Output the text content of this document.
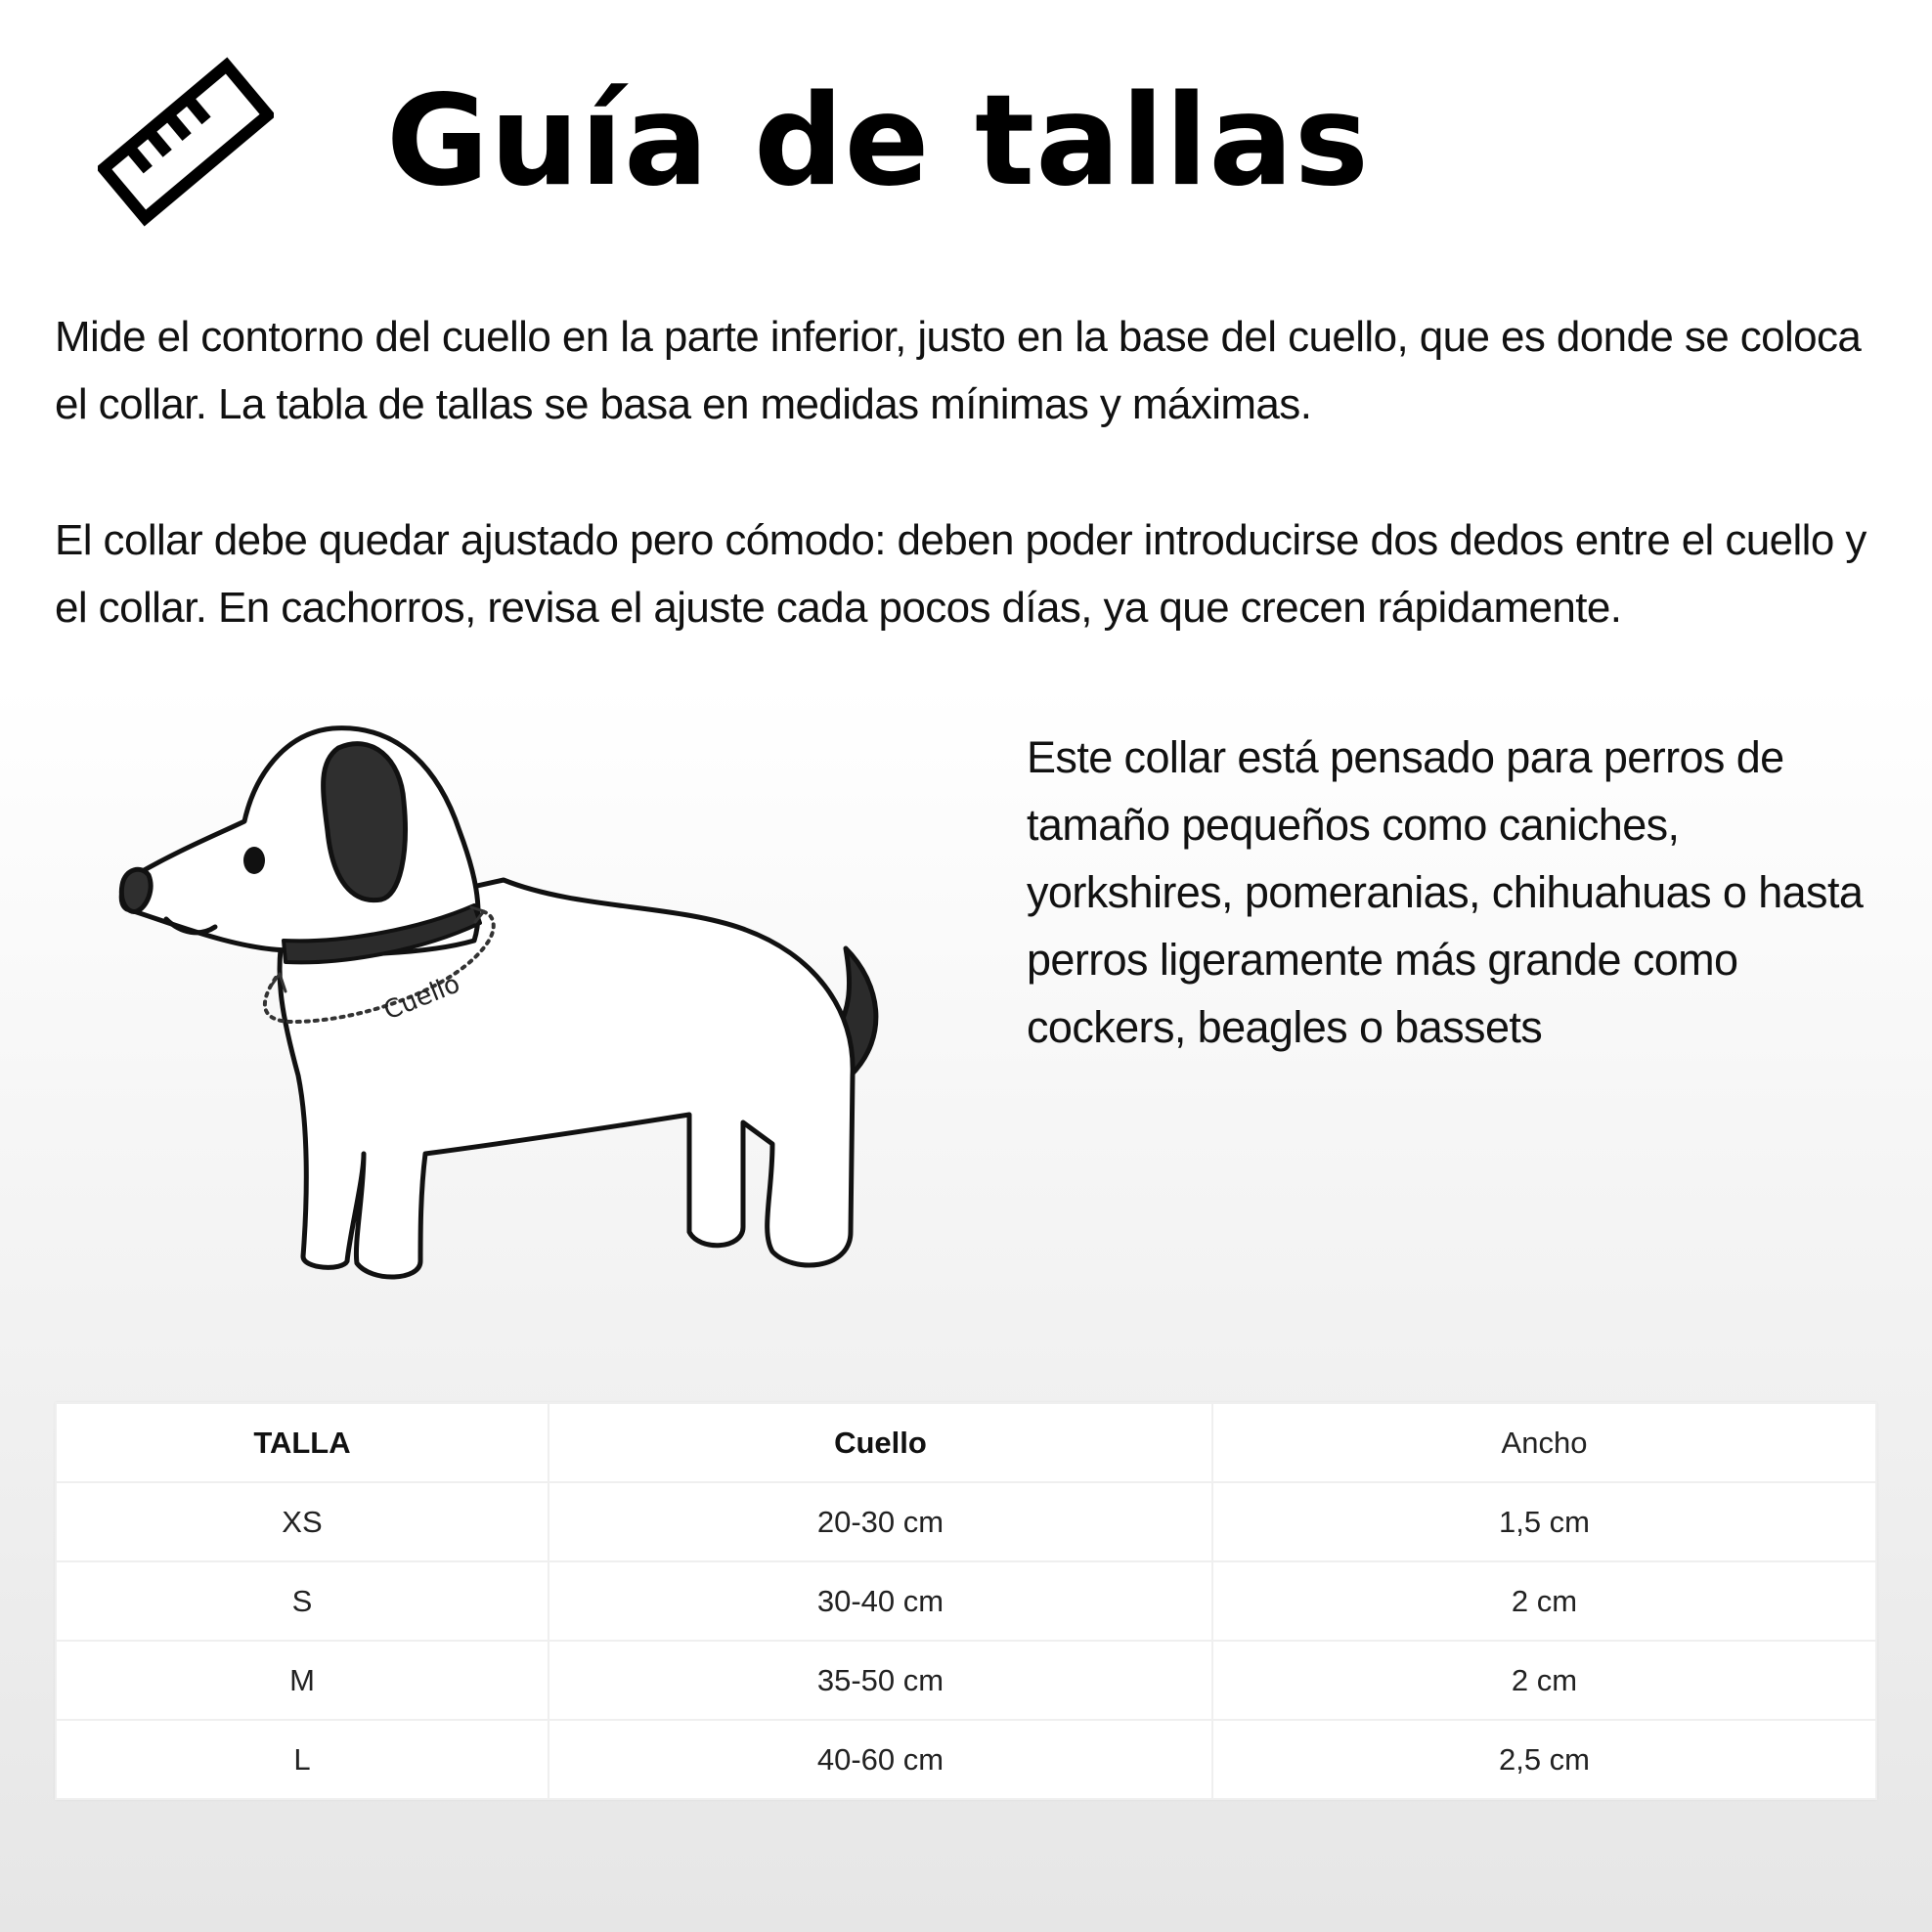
Guía de tallas

Mide el contorno del cuello en la parte inferior, justo en la base del cuello, que es donde se coloca el collar. La tabla de tallas se basa en medidas mínimas y máximas.

El collar debe quedar ajustado pero cómodo: deben poder introducirse dos dedos entre el cuello y el collar. En cachorros, revisa el ajuste cada pocos días, ya que crecen rápidamente.

Cuello

Este collar está pensado para perros de tamaño pequeños como caniches, yorkshires, pomeranias, chihuahuas o hasta perros ligeramente más grande como cockers, beagles o bassets

TALLA	Cuello	Ancho
XS	20-30 cm	1,5 cm
S	30-40 cm	2 cm
M	35-50 cm	2 cm
L	40-60 cm	2,5 cm
